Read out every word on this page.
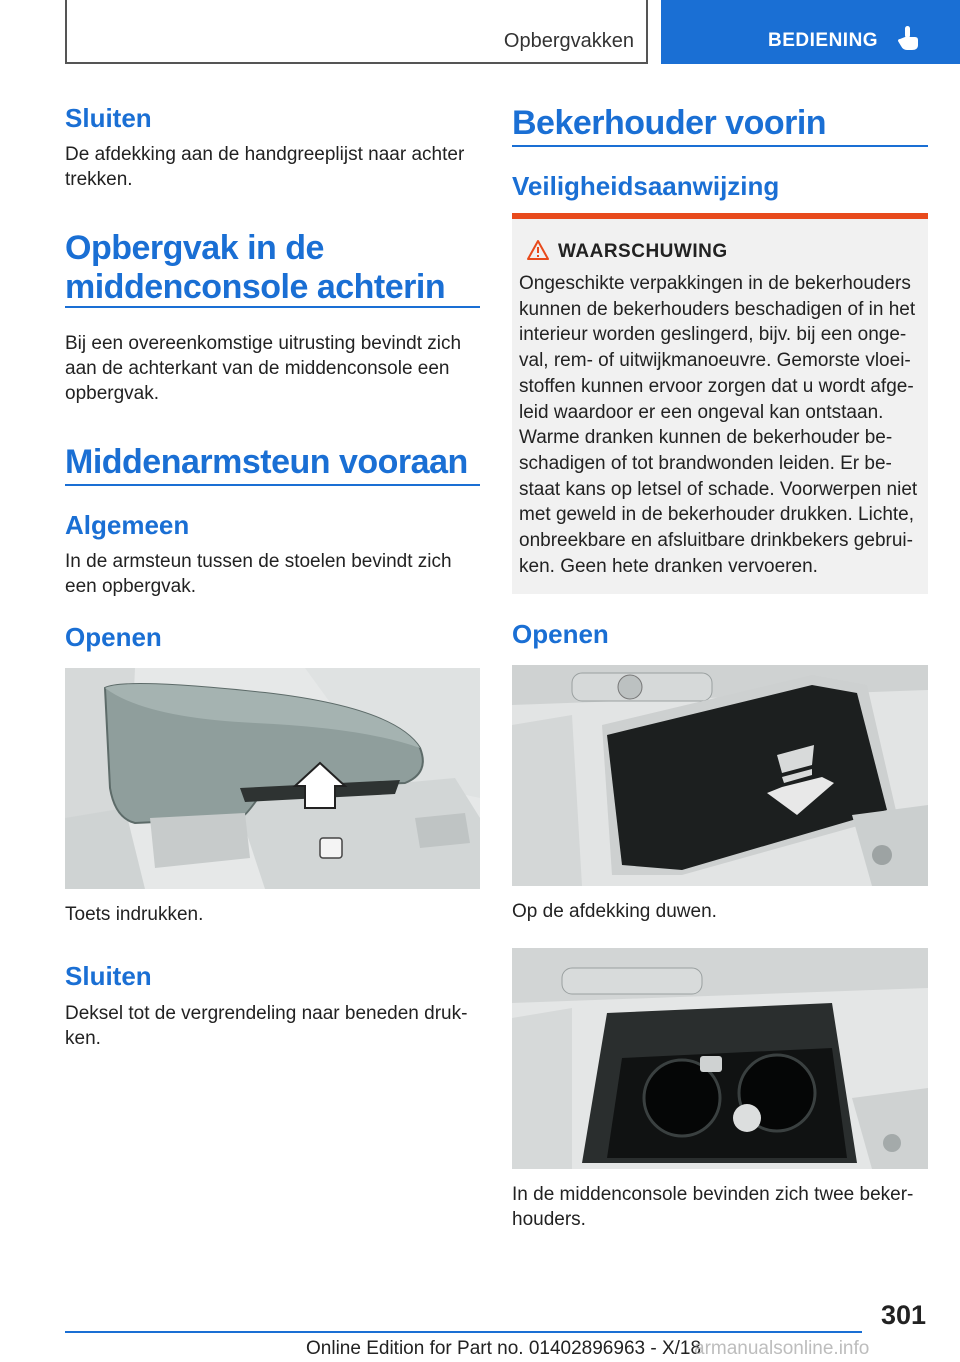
Opbergvakken	BEDIENING
Sluiten

De afdekking aan de handgreeplijst naar achter trekken.

Opbergvak in de
middenconsole achterin

Bij een overeenkomstige uitrusting bevindt zich aan de achterkant van de middenconsole een opbergvak.

Middenarmsteun vooraan
Algemeen

In de armsteun tussen de stoelen bevindt zich een opbergvak.

Openen

Toets indrukken.

Sluiten

Deksel tot de vergrendeling naar beneden druk-ken.

Bekerhouder voorin
Veiligheidsaanwijzing
WAARSCHUWING
Ongeschikte verpakkingen in de bekerhouders kunnen de bekerhouders beschadigen of in het interieur worden geslingerd, bijv. bij een onge-val, rem- of uitwijkmanoeuvre. Gemorste vloei-stoffen kunnen ervoor zorgen dat u wordt afge-leid waardoor er een ongeval kan ontstaan. Warme dranken kunnen de bekerhouder be-schadigen of tot brandwonden leiden. Er be-staat kans op letsel of schade. Voorwerpen niet met geweld in de bekerhouder drukken. Lichte, onbreekbare en afsluitbare drinkbekers gebrui-ken. Geen hete dranken vervoeren.
Openen

Op de afdekking duwen.

In de middenconsole bevinden zich twee beker-houders.

301
Online Edition for Part no. 01402896963 - X/18
armanualsonline.info
